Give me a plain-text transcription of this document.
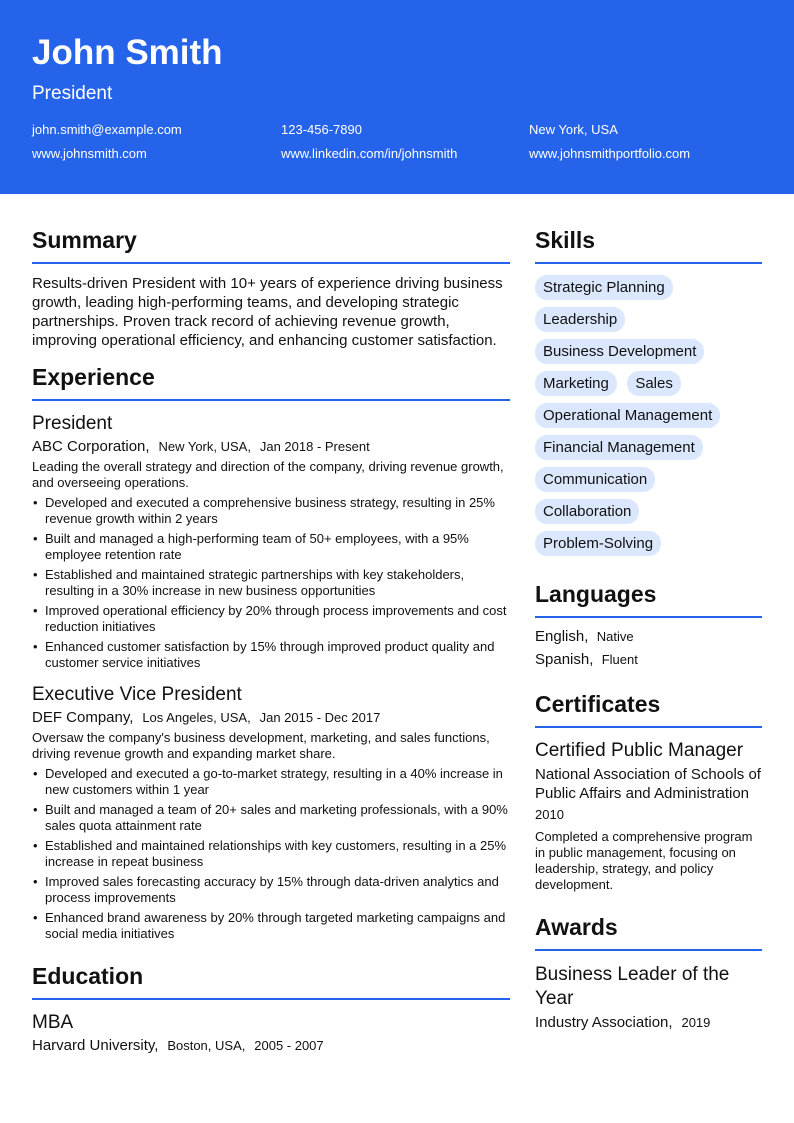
John Smith
President
john.smith@example.com	123-456-7890	New York, USA
www.johnsmith.com	www.linkedin.com/in/johnsmith	www.johnsmithportfolio.com
Summary
Results-driven President with 10+ years of experience driving business growth, leading high-performing teams, and developing strategic partnerships. Proven track record of achieving revenue growth, improving operational efficiency, and enhancing customer satisfaction.
Experience
President
ABC Corporation, New York, USA, Jan 2018 - Present
Leading the overall strategy and direction of the company, driving revenue growth, and overseeing operations.
• Developed and executed a comprehensive business strategy, resulting in 25% revenue growth within 2 years
• Built and managed a high-performing team of 50+ employees, with a 95% employee retention rate
• Established and maintained strategic partnerships with key stakeholders, resulting in a 30% increase in new business opportunities
• Improved operational efficiency by 20% through process improvements and cost reduction initiatives
• Enhanced customer satisfaction by 15% through improved product quality and customer service initiatives
Executive Vice President
DEF Company, Los Angeles, USA, Jan 2015 - Dec 2017
Oversaw the company's business development, marketing, and sales functions, driving revenue growth and expanding market share.
• Developed and executed a go-to-market strategy, resulting in a 40% increase in new customers within 1 year
• Built and managed a team of 20+ sales and marketing professionals, with a 90% sales quota attainment rate
• Established and maintained relationships with key customers, resulting in a 25% increase in repeat business
• Improved sales forecasting accuracy by 15% through data-driven analytics and process improvements
• Enhanced brand awareness by 20% through targeted marketing campaigns and social media initiatives
Education
MBA
Harvard University, Boston, USA, 2005 - 2007
Skills
Strategic Planning
Leadership
Business Development
Marketing Sales
Operational Management
Financial Management
Communication
Collaboration
Problem-Solving
Languages
English, Native
Spanish, Fluent
Certificates
Certified Public Manager
National Association of Schools of Public Affairs and Administration
2010
Completed a comprehensive program in public management, focusing on leadership, strategy, and policy development.
Awards
Business Leader of the Year
Industry Association, 2019
